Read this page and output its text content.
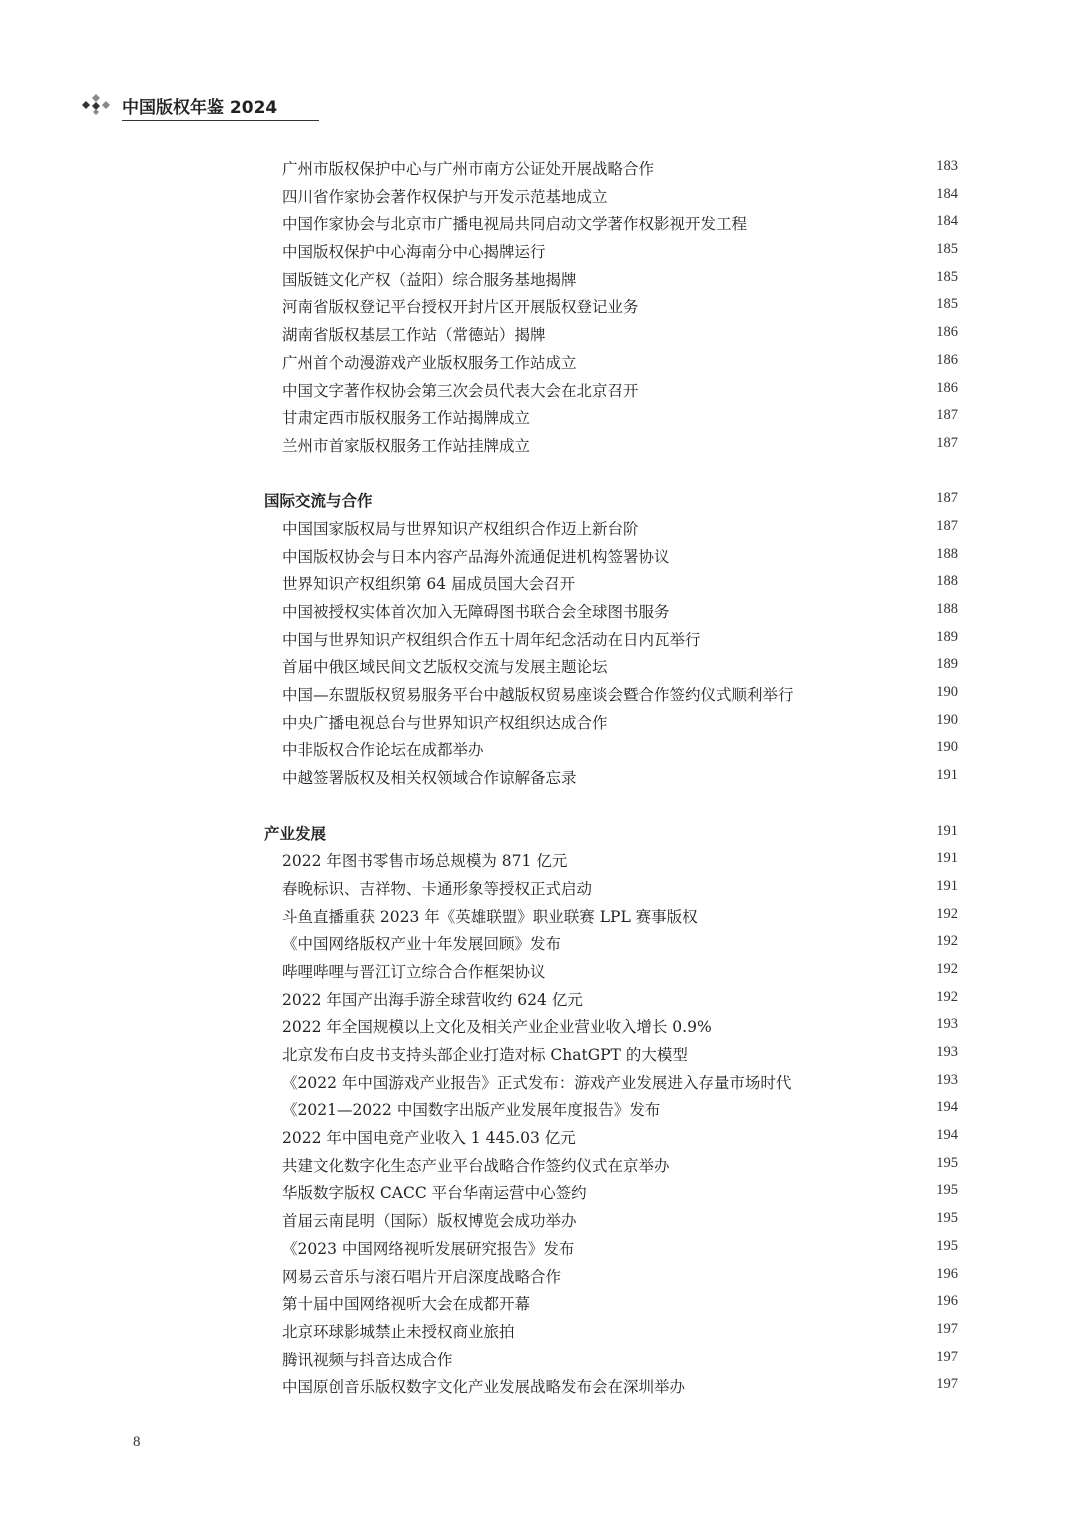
中国版权年鉴 2024
广州市版权保护中心与广州市南方公证处开展战略合作	183
四川省作家协会著作权保护与开发示范基地成立	184
中国作家协会与北京市广播电视局共同启动文学著作权影视开发工程	184
中国版权保护中心海南分中心揭牌运行	185
国版链文化产权（益阳）综合服务基地揭牌	185
河南省版权登记平台授权开封片区开展版权登记业务	185
湖南省版权基层工作站（常德站）揭牌	186
广州首个动漫游戏产业版权服务工作站成立	186
中国文字著作权协会第三次会员代表大会在北京召开	186
甘肃定西市版权服务工作站揭牌成立	187
兰州市首家版权服务工作站挂牌成立	187
国际交流与合作	187
中国国家版权局与世界知识产权组织合作迈上新台阶	187
中国版权协会与日本内容产品海外流通促进机构签署协议	188
世界知识产权组织第 64 届成员国大会召开	188
中国被授权实体首次加入无障碍图书联合会全球图书服务	188
中国与世界知识产权组织合作五十周年纪念活动在日内瓦举行	189
首届中俄区域民间文艺版权交流与发展主题论坛	189
中国—东盟版权贸易服务平台中越版权贸易座谈会暨合作签约仪式顺利举行	190
中央广播电视总台与世界知识产权组织达成合作	190
中非版权合作论坛在成都举办	190
中越签署版权及相关权领域合作谅解备忘录	191
产业发展	191
2022 年图书零售市场总规模为 871 亿元	191
春晚标识、吉祥物、卡通形象等授权正式启动	191
斗鱼直播重获 2023 年《英雄联盟》职业联赛 LPL 赛事版权	192
《中国网络版权产业十年发展回顾》发布	192
哔哩哔哩与晋江订立综合合作框架协议	192
2022 年国产出海手游全球营收约 624 亿元	192
2022 年全国规模以上文化及相关产业企业营业收入增长 0.9%	193
北京发布白皮书支持头部企业打造对标 ChatGPT 的大模型	193
《2022 年中国游戏产业报告》正式发布：游戏产业发展进入存量市场时代	193
《2021—2022 中国数字出版产业发展年度报告》发布	194
2022 年中国电竞产业收入 1 445.03 亿元	194
共建文化数字化生态产业平台战略合作签约仪式在京举办	195
华版数字版权 CACC 平台华南运营中心签约	195
首届云南昆明（国际）版权博览会成功举办	195
《2023 中国网络视听发展研究报告》发布	195
网易云音乐与滚石唱片开启深度战略合作	196
第十届中国网络视听大会在成都开幕	196
北京环球影城禁止未授权商业旅拍	197
腾讯视频与抖音达成合作	197
中国原创音乐版权数字文化产业发展战略发布会在深圳举办	197
8
